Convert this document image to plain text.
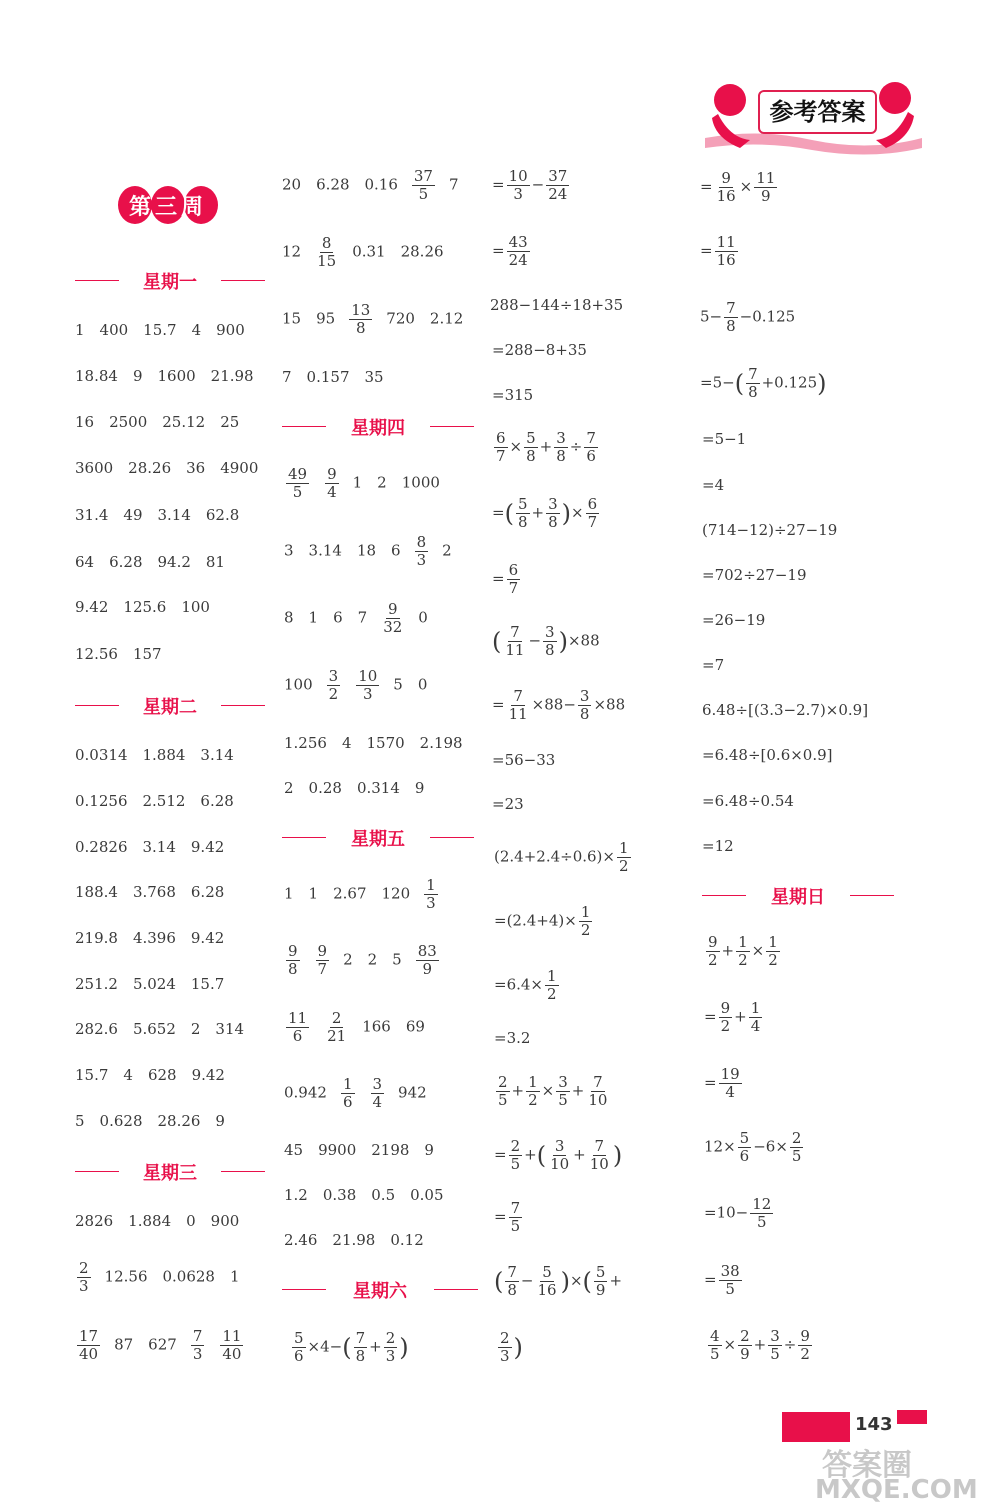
参考答案
第三周
星期一
1　400　15.7　4　900
18.84　9　1600　21.98
16　2500　25.12　25
3600　28.26　36　4900
31.4　49　3.14　62.8
64　6.28　94.2　81
9.42　125.6　100
12.56　157
星期二
0.0314　1.884　3.14
0.1256　2.512　6.28
0.2826　3.14　9.42
188.4　3.768　6.28
219.8　4.396　9.42
251.2　5.024　15.7
282.6　5.652　2　314
15.7　4　628　9.42
5　0.628　28.26　9
星期三
2826　1.884　0　900
$\frac{2}{3} 12.56$　0.0628　1
$\frac{17}{40} 87$　$627 \frac{7}{3} \frac{11}{40}$
20　6.28　$0.16 \frac{37}{5} 7$
$12 \frac{8}{15} 0.31$　28.26
15　$95 \frac{13}{8} 720$　2.12
7　0.157　35
星期四
$\frac{49}{5} \frac{9}{4} 1$　2　1000
3　3.14　18　$6 \frac{8}{3} 2$
8　1　6　$7 \frac{9}{32} 0$
$100 \frac{3}{2} \frac{10}{3} 5$　0
1.256　4　1570　2.198
2　0.28　0.314　9
星期五
1　1　2.67　$120 \frac{1}{3}$
$\frac{9}{8} \frac{9}{7} 2$　2　$5 \frac{83}{9}$
$\frac{11}{6} \frac{2}{21} 166$　69
$0.942 \frac{1}{6} \frac{3}{4} 942$
45　9900　2198　9
1.2　0.38　0.5　0.05
2.46　21.98　0.12
星期六
$\frac{5}{6} \times 4-( \frac{7}{8} + \frac{2}{3}$ )
= $\frac{10}{3} - \frac{37}{24}$
= $\frac{43}{24}$
288−144÷18+35
=288−8+35
=315
$\frac{6}{7} \times \frac{5}{8} + \frac{3}{8} \div \frac{7}{6}$
=( $\frac{5}{8} + \frac{3}{8}$ )× $\frac{6}{7}$
= $\frac{6}{7}$
( $\frac{7}{11} - \frac{3}{8} )\times 88$
= $\frac{7}{11} \times 88- \frac{3}{8} \times 88$
=56−33
=23
$(2.4+2.4\div 0.6)\times \frac{1}{2}$
$=(2.4+4)\times \frac{1}{2}$
$=6.4\times \frac{1}{2}$
=3.2
$\frac{2}{5} + \frac{1}{2} \times \frac{3}{5} + \frac{7}{10}$
= $\frac{2}{5}$ +( $\frac{3}{10} + \frac{7}{10}$ )
= $\frac{7}{5}$
( $\frac{7}{8} - \frac{5}{16}$ )×( $\frac{5}{9}$ +
$\frac{2}{3}$ )
= $\frac{9}{16} \times \frac{11}{9}$
= $\frac{11}{16}$
$5- \frac{7}{8} -0.125$
$=5-( \frac{7}{8} +0.125)$
=5−1
=4
(714−12)÷27−19
=702÷27−19
=26−19
=7
6.48÷[(3.3−2.7)×0.9]
=6.48÷[0.6×0.9]
=6.48÷0.54
=12
星期日
$\frac{9}{2} + \frac{1}{2} \times \frac{1}{2}$
= $\frac{9}{2} + \frac{1}{4}$
= $\frac{19}{4}$
$12\times \frac{5}{6} -6\times \frac{2}{5}$
$=10- \frac{12}{5}$
= $\frac{38}{5}$
$\frac{4}{5} \times \frac{2}{9} + \frac{3}{5} \div \frac{9}{2}$
143
答案圈
MXQE.COM
